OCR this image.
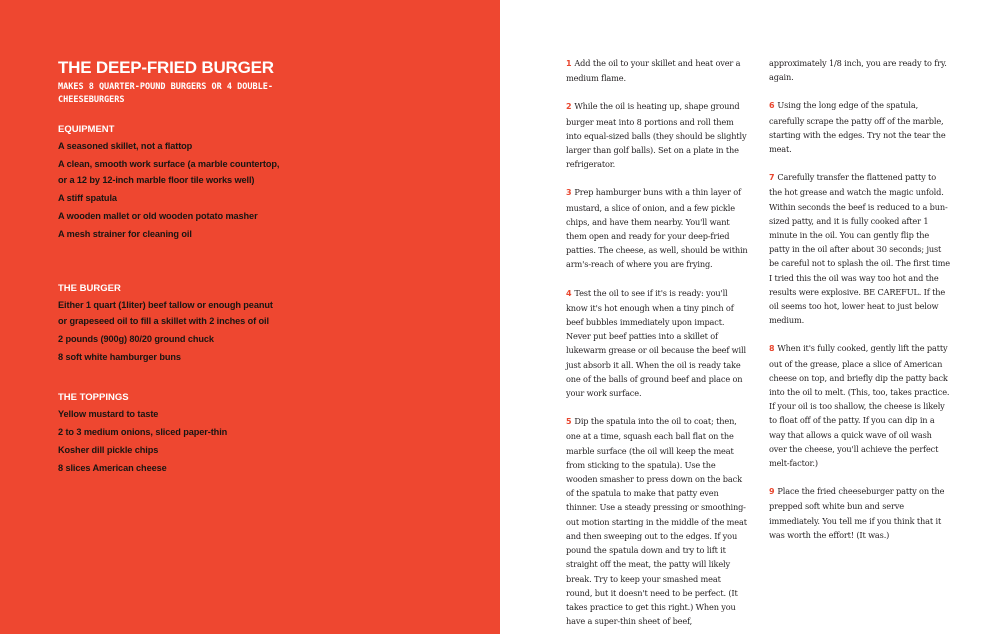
THE DEEP-FRIED BURGER

MAKES 8 QUARTER-POUND BURGERS OR 4 DOUBLE-CHEESEBURGERS

EQUIPMENT

A seasoned skillet, not a flattop

A clean, smooth work surface (a marble countertop, or a 12 by 12-inch marble floor tile works well)

A stiff spatula

A wooden mallet or old wooden potato masher

A mesh strainer for cleaning oil

THE BURGER

Either 1 quart (1liter) beef tallow or enough peanut or grapeseed oil to fill a skillet with 2 inches of oil

2 pounds (900g) 80/20 ground chuck

8 soft white hamburger buns

THE TOPPINGS

Yellow mustard to taste

2 to 3 medium onions, sliced paper-thin

Kosher dill pickle chips

8 slices American cheese

1 Add the oil to your skillet and heat over a medium flame.

2 While the oil is heating up, shape ground burger meat into 8 portions and roll them into equal-sized balls (they should be slightly larger than golf balls). Set on a plate in the refrigerator.

3 Prep hamburger buns with a thin layer of mustard, a slice of onion, and a few pickle chips, and have them nearby. You'll want them open and ready for your deep-fried patties. The cheese, as well, should be within arm's-reach of where you are frying.

4 Test the oil to see if it's is ready: you'll know it's hot enough when a tiny pinch of beef bubbles immediately upon impact. Never put beef patties into a skillet of lukewarm grease or oil because the beef will just absorb it all. When the oil is ready take one of the balls of ground beef and place on your work surface.

5 Dip the spatula into the oil to coat; then, one at a time, squash each ball flat on the marble surface (the oil will keep the meat from sticking to the spatula). Use the wooden smasher to press down on the back of the spatula to make that patty even thinner. Use a steady pressing or smoothing-out motion starting in the middle of the meat and then sweeping out to the edges. If you pound the spatula down and try to lift it straight off the meat, the patty will likely break. Try to keep your smashed meat round, but it doesn't need to be perfect. (It takes practice to get this right.) When you have a super-thin sheet of beef,

approximately 1/8 inch, you are ready to fry. again.

6 Using the long edge of the spatula, carefully scrape the patty off of the marble, starting with the edges. Try not the tear the meat.

7 Carefully transfer the flattened patty to the hot grease and watch the magic unfold. Within seconds the beef is reduced to a bun-sized patty, and it is fully cooked after 1 minute in the oil. You can gently flip the patty in the oil after about 30 seconds; just be careful not to splash the oil. The first time I tried this the oil was way too hot and the results were explosive. BE CAREFUL. If the oil seems too hot, lower heat to just below medium.

8 When it's fully cooked, gently lift the patty out of the grease, place a slice of American cheese on top, and briefly dip the patty back into the oil to melt. (This, too, takes practice. If your oil is too shallow, the cheese is likely to float off of the patty. If you can dip in a way that allows a quick wave of oil wash over the cheese, you'll achieve the perfect melt-factor.)

9 Place the fried cheeseburger patty on the prepped soft white bun and serve immediately. You tell me if you think that it was worth the effort! (It was.)
